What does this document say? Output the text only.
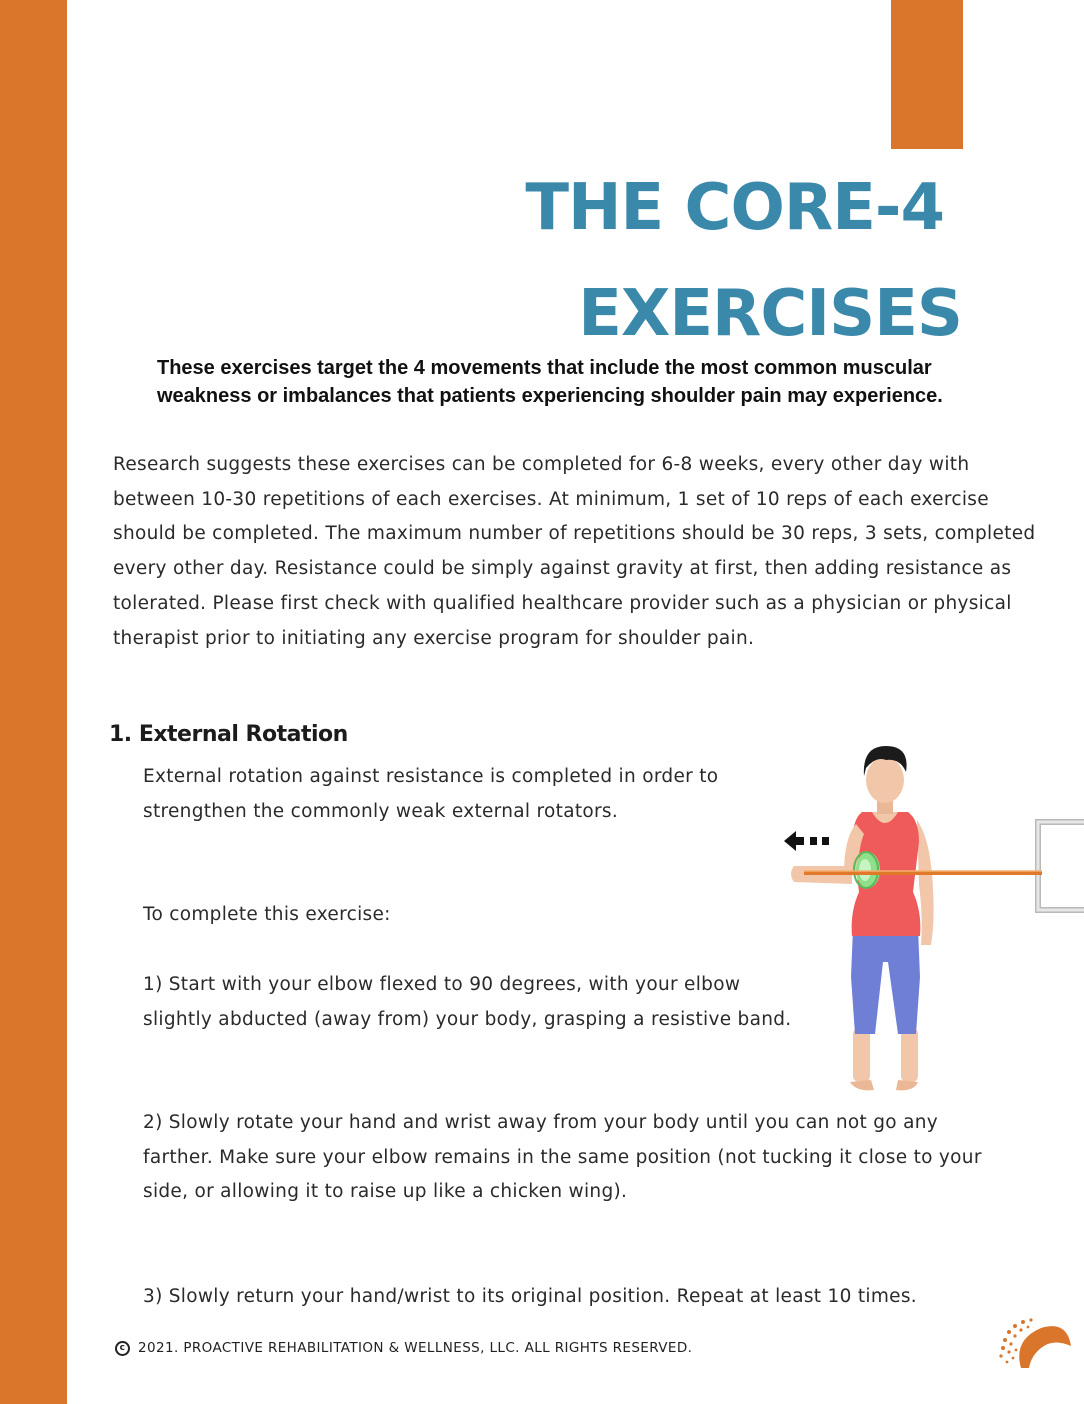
THE CORE-4
EXERCISES
These exercises target the 4 movements that include the most common muscular weakness or imbalances that patients experiencing shoulder pain may experience.
Research suggests these exercises can be completed for 6-8 weeks, every other day with between 10-30 repetitions of each exercises. At minimum, 1 set of 10 reps of each exercise should be completed. The maximum number of repetitions should be 30 reps, 3 sets, completed every other day. Resistance could be simply against gravity at first, then adding resistance as tolerated. Please first check with qualified healthcare provider such as a physician or physical therapist prior to initiating any exercise program for shoulder pain.
1. External Rotation
External rotation against resistance is completed in order to strengthen the commonly weak external rotators.
To complete this exercise:
1) Start with your elbow flexed to 90 degrees, with your elbow slightly abducted (away from) your body, grasping a resistive band.
2) Slowly rotate your hand and wrist away from your body until you can not go any farther. Make sure your elbow remains in the same position (not tucking it close to your side, or allowing it to raise up like a chicken wing).
3) Slowly return your hand/wrist to its original position. Repeat at least 10 times.
c 2021. PROACTIVE REHABILITATION & WELLNESS, LLC. ALL RIGHTS RESERVED.
